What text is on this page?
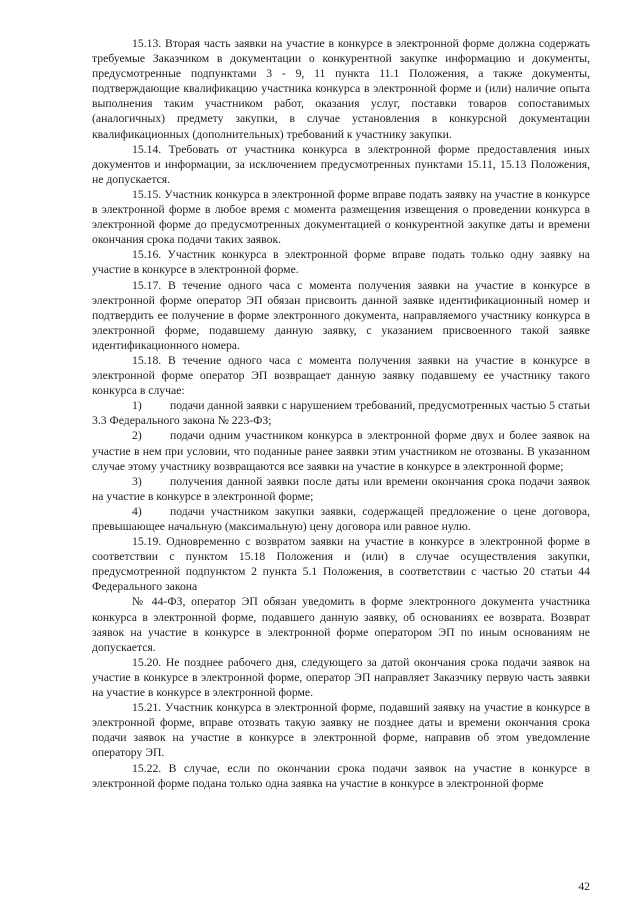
15.13. Вторая часть заявки на участие в конкурсе в электронной форме должна содержать требуемые Заказчиком в документации о конкурентной закупке информацию и документы, предусмотренные подпунктами 3 - 9, 11 пункта 11.1 Положения, а также документы, подтверждающие квалификацию участника конкурса в электронной форме и (или) наличие опыта выполнения таким участником работ, оказания услуг, поставки товаров сопоставимых (аналогичных) предмету закупки, в случае установления в конкурсной документации квалификационных (дополнительных) требований к участнику закупки.

15.14. Требовать от участника конкурса в электронной форме предоставления иных документов и информации, за исключением предусмотренных пунктами 15.11, 15.13 Положения, не допускается.

15.15. Участник конкурса в электронной форме вправе подать заявку на участие в конкурсе в электронной форме в любое время с момента размещения извещения о проведении конкурса в электронной форме до предусмотренных документацией о конкурентной закупке даты и времени окончания срока подачи таких заявок.

15.16. Участник конкурса в электронной форме вправе подать только одну заявку на участие в конкурсе в электронной форме.

15.17. В течение одного часа с момента получения заявки на участие в конкурсе в электронной форме оператор ЭП обязан присвоить данной заявке идентификационный номер и подтвердить ее получение в форме электронного документа, направляемого участнику конкурса в электронной форме, подавшему данную заявку, с указанием присвоенного такой заявке идентификационного номера.

15.18. В течение одного часа с момента получения заявки на участие в конкурсе в электронной форме оператор ЭП возвращает данную заявку подавшему ее участнику такого конкурса в случае:

1) подачи данной заявки с нарушением требований, предусмотренных частью 5 статьи 3.3 Федерального закона № 223-ФЗ;

2) подачи одним участником конкурса в электронной форме двух и более заявок на участие в нем при условии, что поданные ранее заявки этим участником не отозваны. В указанном случае этому участнику возвращаются все заявки на участие в конкурсе в электронной форме;

3) получения данной заявки после даты или времени окончания срока подачи заявок на участие в конкурсе в электронной форме;

4) подачи участником закупки заявки, содержащей предложение о цене договора, превышающее начальную (максимальную) цену договора или равное нулю.

15.19. Одновременно с возвратом заявки на участие в конкурсе в электронной форме в соответствии с пунктом 15.18 Положения и (или) в случае осуществления закупки, предусмотренной подпунктом 2 пункта 5.1 Положения, в соответствии с частью 20 статьи 44 Федерального закона

№ 44-ФЗ, оператор ЭП обязан уведомить в форме электронного документа участника конкурса в электронной форме, подавшего данную заявку, об основаниях ее возврата. Возврат заявок на участие в конкурсе в электронной форме оператором ЭП по иным основаниям не допускается.

15.20. Не позднее рабочего дня, следующего за датой окончания срока подачи заявок на участие в конкурсе в электронной форме, оператор ЭП направляет Заказчику первую часть заявки на участие в конкурсе в электронной форме.

15.21. Участник конкурса в электронной форме, подавший заявку на участие в конкурсе в электронной форме, вправе отозвать такую заявку не позднее даты и времени окончания срока подачи заявок на участие в конкурсе в электронной форме, направив об этом уведомление оператору ЭП.

15.22. В случае, если по окончании срока подачи заявок на участие в конкурсе в электронной форме подана только одна заявка на участие в конкурсе в электронной форме

42
